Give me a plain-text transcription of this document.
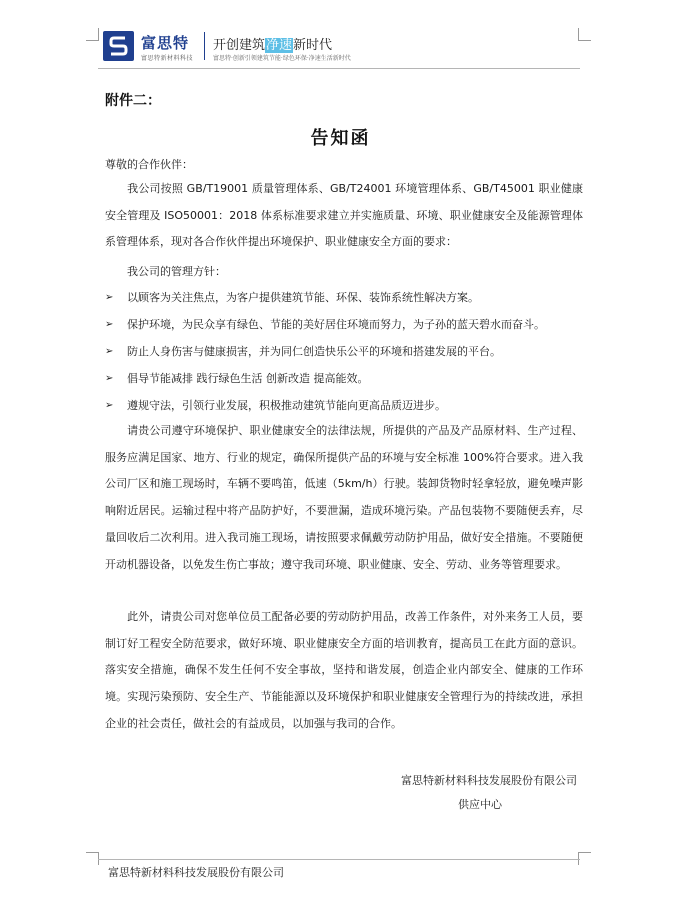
富思特
富思特新材料科技
开创建筑净速新时代
富思特·创新引领建筑节能·绿色环保·净速生活新时代
附件二：
告知函
尊敬的合作伙伴：

我公司按照 GB/T19001 质量管理体系、GB/T24001 环境管理体系、GB/T45001 职业健康安全管理及 ISO50001：2018 体系标准要求建立并实施质量、环境、职业健康安全及能源管理体系管理体系，现对各合作伙伴提出环境保护、职业健康安全方面的要求：

我公司的管理方针：
➢ 以顾客为关注焦点，为客户提供建筑节能、环保、装饰系统性解决方案。
➢ 保护环境，为民众享有绿色、节能的美好居住环境而努力，为子孙的蓝天碧水而奋斗。
➢ 防止人身伤害与健康损害，并为同仁创造快乐公平的环境和搭建发展的平台。
➢ 倡导节能减排 践行绿色生活 创新改造 提高能效。
➢ 遵规守法，引领行业发展，积极推动建筑节能向更高品质迈进步。

请贵公司遵守环境保护、职业健康安全的法律法规，所提供的产品及产品原材料、生产过程、服务应满足国家、地方、行业的规定，确保所提供产品的环境与安全标准 100%符合要求。进入我公司厂区和施工现场时，车辆不要鸣笛，低速（5km/h）行驶。装卸货物时轻拿轻放，避免噪声影响附近居民。运输过程中将产品防护好，不要泄漏，造成环境污染。产品包装物不要随便丢弃，尽量回收后二次利用。进入我司施工现场，请按照要求佩戴劳动防护用品，做好安全措施。不要随便开动机器设备，以免发生伤亡事故；遵守我司环境、职业健康、安全、劳动、业务等管理要求。

此外，请贵公司对您单位员工配备必要的劳动防护用品，改善工作条件，对外来务工人员，要制订好工程安全防范要求，做好环境、职业健康安全方面的培训教育，提高员工在此方面的意识。落实安全措施，确保不发生任何不安全事故，坚持和谐发展，创造企业内部安全、健康的工作环境。实现污染预防、安全生产、节能能源以及环境保护和职业健康安全管理行为的持续改进，承担企业的社会责任，做社会的有益成员，以加强与我司的合作。

富思特新材料科技发展股份有限公司
供应中心
富思特新材料科技发展股份有限公司
